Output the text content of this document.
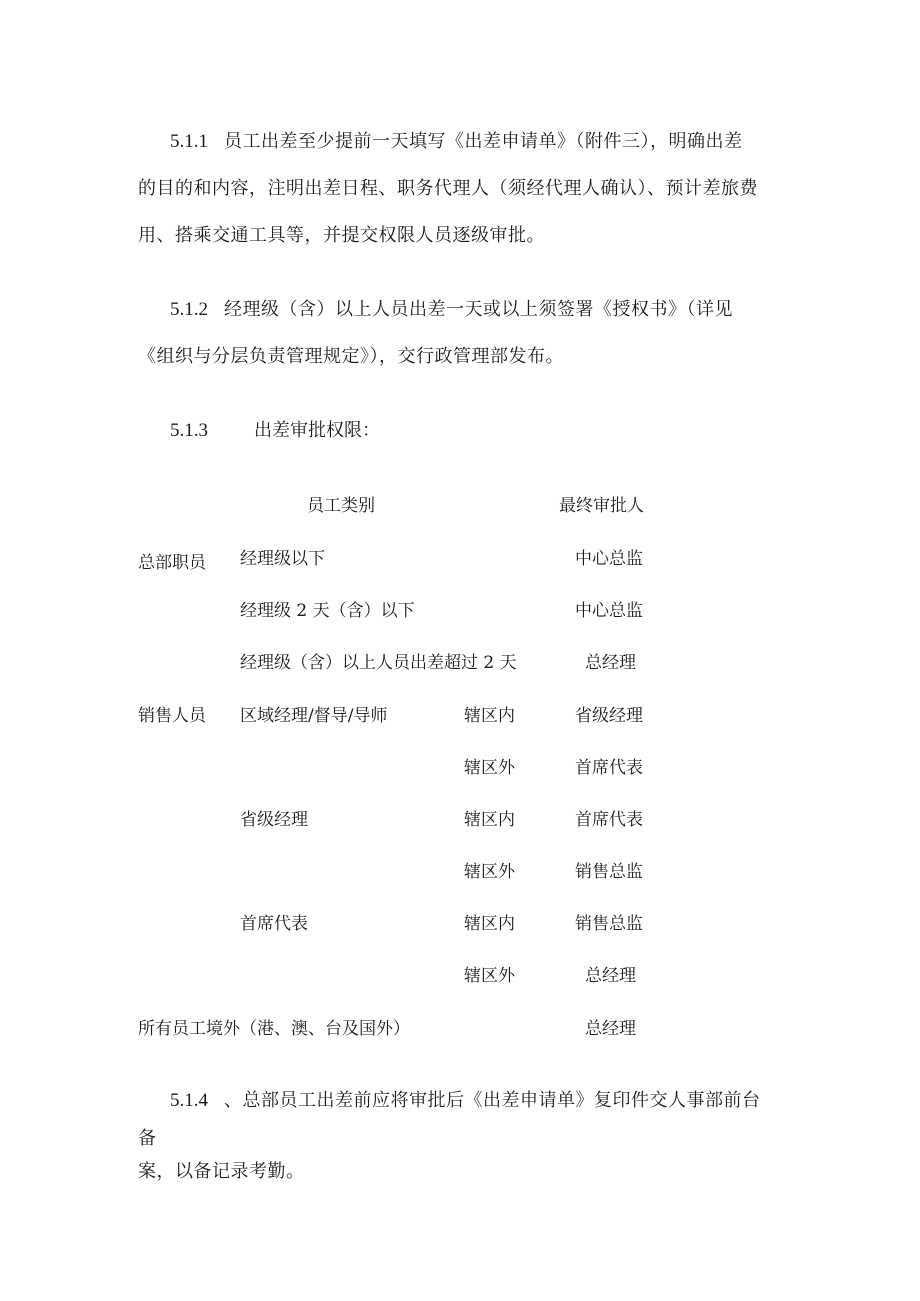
5.1.1 员工出差至少提前一天填写《出差申请单》（附件三），明确出差
的目的和内容，注明出差日程、职务代理人（须经代理人确认）、预计差旅费
用、搭乘交通工具等，并提交权限人员逐级审批。
5.1.2 经理级（含）以上人员出差一天或以上须签署《授权书》（详见
《组织与分层负责管理规定》），交行政管理部发布。
5.1.3	出差审批权限：
员工类别	最终审批人
总部职员 经理级以下	中心总监
经理级 2 天（含）以下	中心总监
经理级（含）以上人员出差超过 2 天	总经理
销售人员 区域经理/督导/导师	辖区内	省级经理
辖区外	首席代表
省级经理	辖区内	首席代表
辖区外	销售总监
首席代表	辖区内	销售总监
辖区外	总经理
所有员工境外（港、澳、台及国外）	总经理
5.1.4 、总部员工出差前应将审批后《出差申请单》复印件交人事部前台备
案，以备记录考勤。
